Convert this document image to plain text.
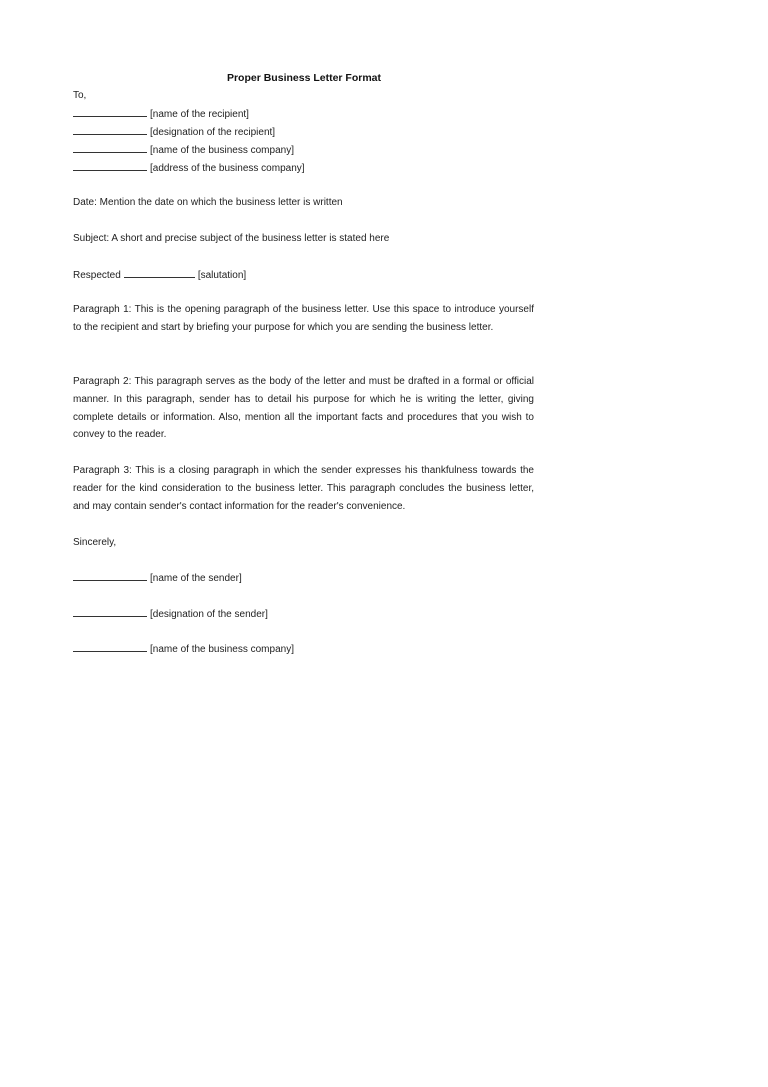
Proper Business Letter Format
To,
[name of the recipient]
[designation of the recipient]
[name of the business company]
[address of the business company]
Date: Mention the date on which the business letter is written
Subject: A short and precise subject of the business letter is stated here
Respected	[salutation]
Paragraph 1: This is the opening paragraph of the business letter. Use this space to introduce yourself to the recipient and start by briefing your purpose for which you are sending the business letter.
Paragraph 2: This paragraph serves as the body of the letter and must be drafted in a formal or official manner. In this paragraph, sender has to detail his purpose for which he is writing the letter, giving complete details or information. Also, mention all the important facts and procedures that you wish to convey to the reader.
Paragraph 3: This is a closing paragraph in which the sender expresses his thankfulness towards the reader for the kind consideration to the business letter. This paragraph concludes the business letter, and may contain sender's contact information for the reader's convenience.
Sincerely,
[name of the sender]
[designation of the sender]
[name of the business company]
